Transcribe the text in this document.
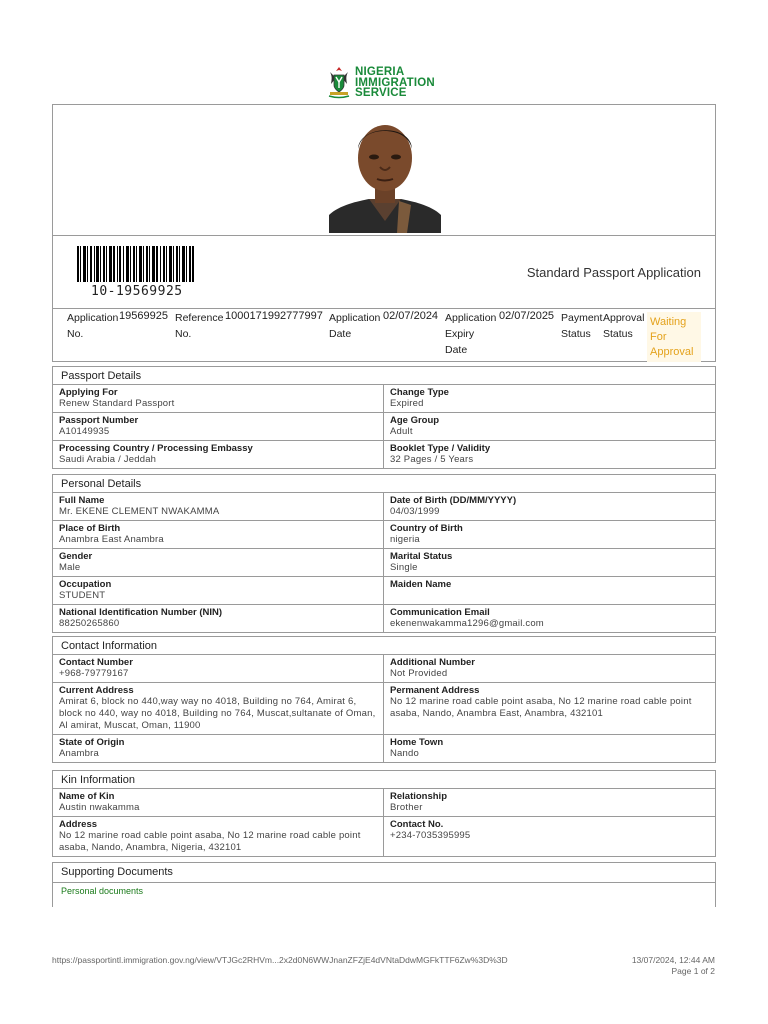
NIGERIA
IMMIGRATION
SERVICE
10-19569925
Standard Passport Application
Application
No.
19569925 Reference
No.
1000171992777997 Application
Date
02/07/2024 Application
Expiry
Date
02/07/2025 Payment
Status
Approval
Status
Waiting
For
Approval
Passport Details
Applying For
Renew Standard Passport
Change Type
Expired
Passport Number
A10149935
Age Group
Adult
Processing Country / Processing Embassy
Saudi Arabia / Jeddah
Booklet Type / Validity
32 Pages / 5 Years
Personal Details
Full Name
Mr. EKENE CLEMENT NWAKAMMA
Date of Birth (DD/MM/YYYY)
04/03/1999
Place of Birth
Anambra East Anambra
Country of Birth
nigeria
Gender
Male
Marital Status
Single
Occupation
STUDENT
Maiden Name
National Identification Number (NIN)
88250265860
Communication Email
ekenenwakamma1296@gmail.com
Contact Information
Contact Number
+968-79779167
Additional Number
Not Provided
Current Address
Amirat 6, block no 440,way way no 4018, Building no 764, Amirat 6, block no 440, way no 4018, Building no 764, Muscat,sultanate of Oman, Al amirat, Muscat, Oman, 11900
Permanent Address
No 12 marine road cable point asaba, No 12 marine road cable point asaba, Nando, Anambra East, Anambra, 432101
State of Origin
Anambra
Home Town
Nando
Kin Information
Name of Kin
Austin nwakamma
Relationship
Brother
Address
No 12 marine road cable point asaba, No 12 marine road cable point asaba, Nando, Anambra, Nigeria, 432101
Contact No.
+234-7035395995
Supporting Documents
Personal documents
https://passportintl.immigration.gov.ng/view/VTJGc2RHVm...2x2d0N6WWJnanZFZjE4dVNtaDdwMGFkTTF6Zw%3D%3D	13/07/2024, 12:44 AM
Page 1 of 2
